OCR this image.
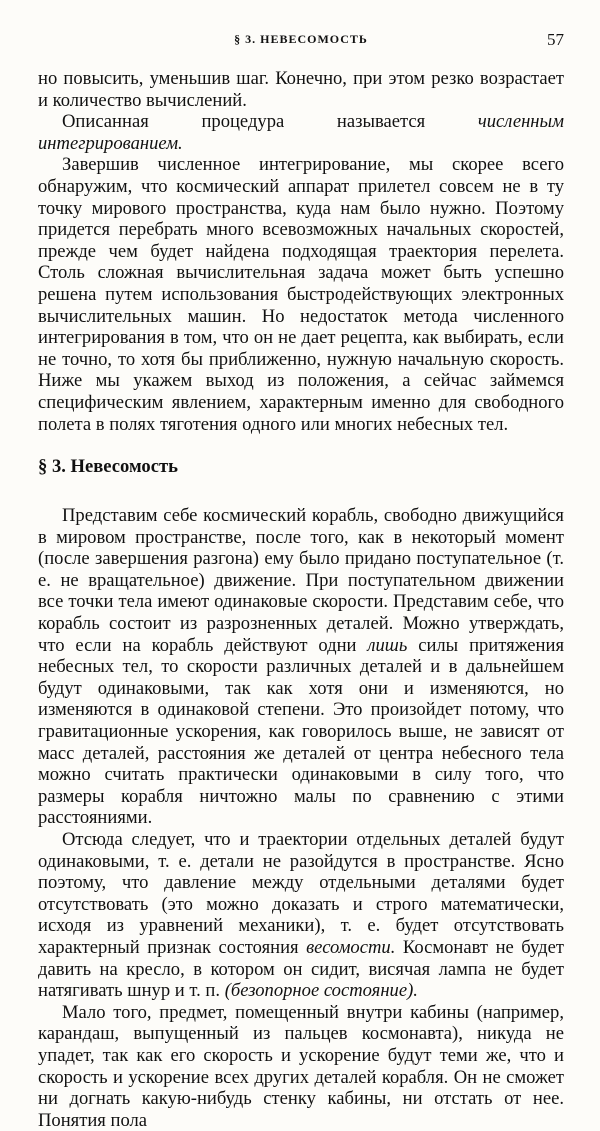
§ 3. НЕВЕСОМОСТЬ	57

но повысить, уменьшив шаг. Конечно, при этом резко возрастает и количество вычислений.

Описанная процедура называется численным интегрированием.

Завершив численное интегрирование, мы скорее всего обнаружим, что космический аппарат прилетел совсем не в ту точку мирового пространства, куда нам было нужно. Поэтому придется перебрать много всевозможных начальных скоростей, прежде чем будет найдена подходящая траектория перелета. Столь сложная вычислительная задача может быть успешно решена путем использования быстродействующих электронных вычислительных машин. Но недостаток метода численного интегрирования в том, что он не дает рецепта, как выбирать, если не точно, то хотя бы приближенно, нужную начальную скорость. Ниже мы укажем выход из положения, а сейчас займемся специфическим явлением, характерным именно для свободного полета в полях тяготения одного или многих небесных тел.

§ 3. Невесомость

Представим себе космический корабль, свободно движущийся в мировом пространстве, после того, как в некоторый момент (после завершения разгона) ему было придано поступательное (т. е. не вращательное) движение. При поступательном движении все точки тела имеют одинаковые скорости. Представим себе, что корабль состоит из разрозненных деталей. Можно утверждать, что если на корабль действуют одни лишь силы притяжения небесных тел, то скорости различных деталей и в дальнейшем будут одинаковыми, так как хотя они и изменяются, но изменяются в одинаковой степени. Это произойдет потому, что гравитационные ускорения, как говорилось выше, не зависят от масс деталей, расстояния же деталей от центра небесного тела можно считать практически одинаковыми в силу того, что размеры корабля ничтожно малы по сравнению с этими расстояниями.

Отсюда следует, что и траектории отдельных деталей будут одинаковыми, т. е. детали не разойдутся в пространстве. Ясно поэтому, что давление между отдельными деталями будет отсутствовать (это можно доказать и строго математически, исходя из уравнений механики), т. е. будет отсутствовать характерный признак состояния весомости. Космонавт не будет давить на кресло, в котором он сидит, висячая лампа не будет натягивать шнур и т. п. (безопорное состояние).

Мало того, предмет, помещенный внутри кабины (например, карандаш, выпущенный из пальцев космонавта), никуда не упадет, так как его скорость и ускорение будут теми же, что и скорость и ускорение всех других деталей корабля. Он не сможет ни догнать какую-нибудь стенку кабины, ни отстать от нее. Понятия пола
